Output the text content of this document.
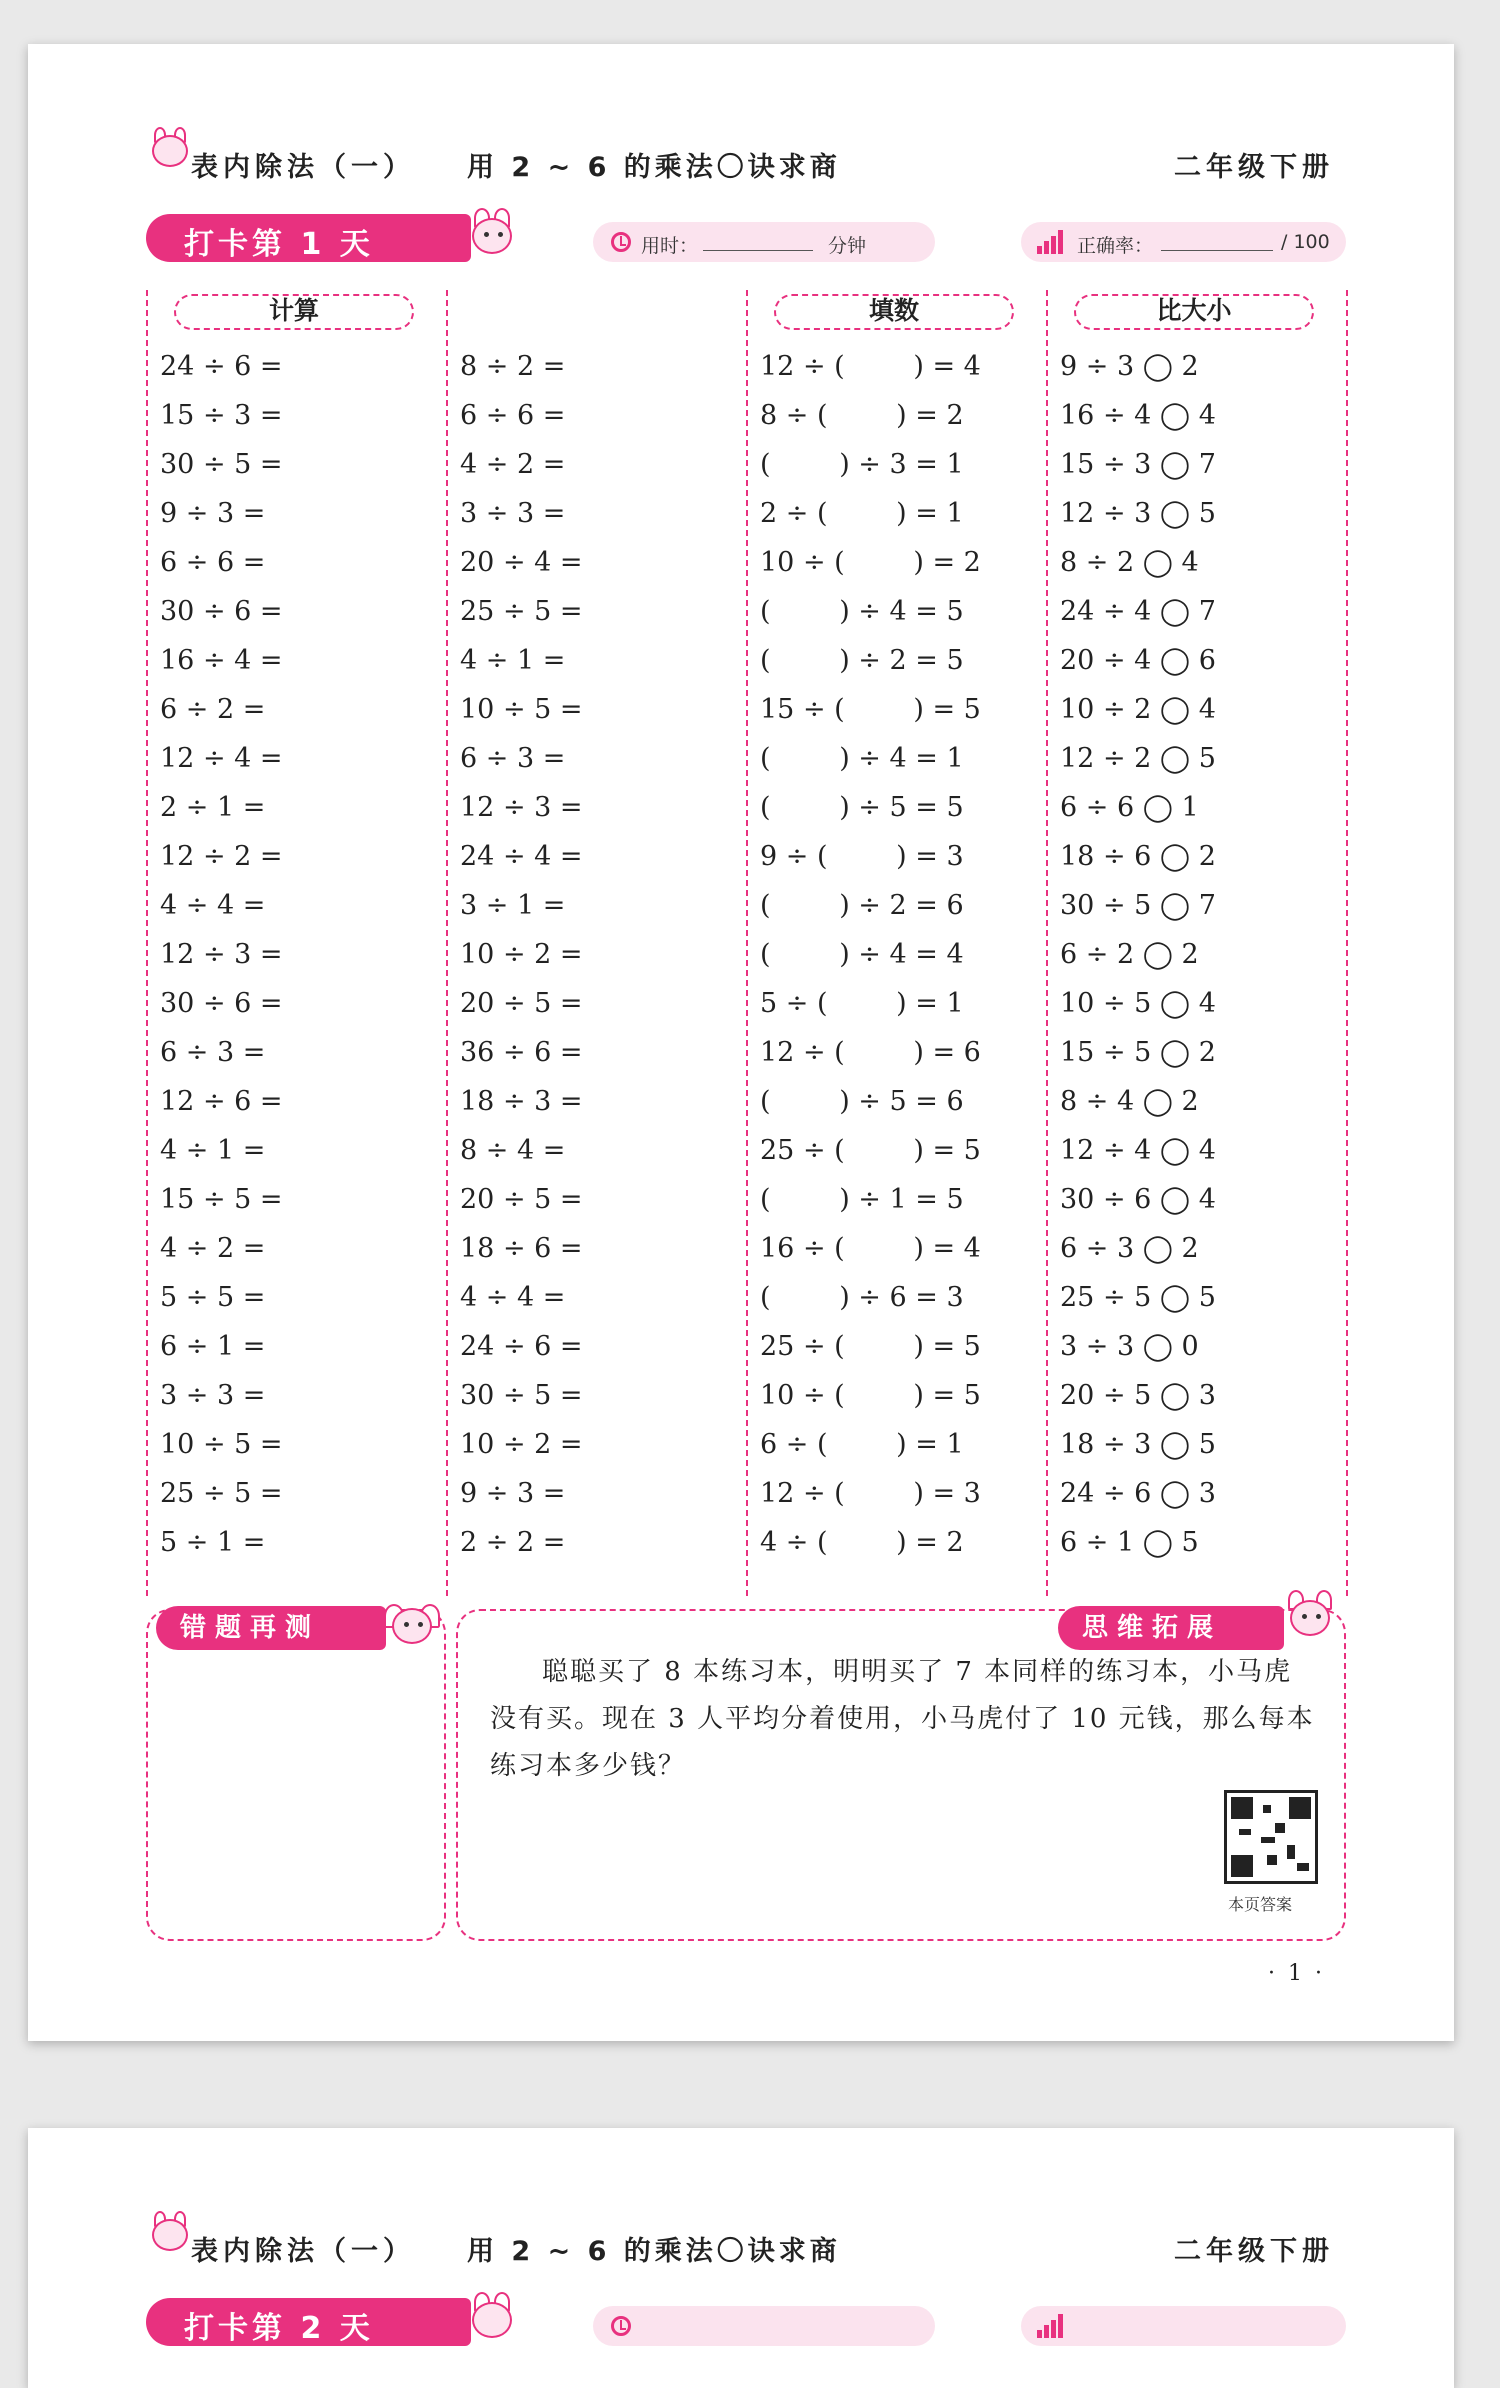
表内除法（一） 用 2 ~ 6 的乘法〇诀求商	二年级下册
打卡第 1 天	用时：	分钟	正确率：	/ 100
计算
24 ÷ 6 =
15 ÷ 3 =
30 ÷ 5 =
9 ÷ 3 =
6 ÷ 6 =
30 ÷ 6 =
16 ÷ 4 =
6 ÷ 2 =
12 ÷ 4 =
2 ÷ 1 =
12 ÷ 2 =
4 ÷ 4 =
12 ÷ 3 =
30 ÷ 6 =
6 ÷ 3 =
12 ÷ 6 =
4 ÷ 1 =
15 ÷ 5 =
4 ÷ 2 =
5 ÷ 5 =
6 ÷ 1 =
3 ÷ 3 =
10 ÷ 5 =
25 ÷ 5 =
5 ÷ 1 =
8 ÷ 2 =
6 ÷ 6 =
4 ÷ 2 =
3 ÷ 3 =
20 ÷ 4 =
25 ÷ 5 =
4 ÷ 1 =
10 ÷ 5 =
6 ÷ 3 =
12 ÷ 3 =
24 ÷ 4 =
3 ÷ 1 =
10 ÷ 2 =
20 ÷ 5 =
36 ÷ 6 =
18 ÷ 3 =
8 ÷ 4 =
20 ÷ 5 =
18 ÷ 6 =
4 ÷ 4 =
24 ÷ 6 =
30 ÷ 5 =
10 ÷ 2 =
9 ÷ 3 =
2 ÷ 2 =
填数
12 ÷ (        ) = 4
8 ÷ (        ) = 2
(        ) ÷ 3 = 1
2 ÷ (        ) = 1
10 ÷ (        ) = 2
(        ) ÷ 4 = 5
(        ) ÷ 2 = 5
15 ÷ (        ) = 5
(        ) ÷ 4 = 1
(        ) ÷ 5 = 5
9 ÷ (        ) = 3
(        ) ÷ 2 = 6
(        ) ÷ 4 = 4
5 ÷ (        ) = 1
12 ÷ (        ) = 6
(        ) ÷ 5 = 6
25 ÷ (        ) = 5
(        ) ÷ 1 = 5
16 ÷ (        ) = 4
(        ) ÷ 6 = 3
25 ÷ (        ) = 5
10 ÷ (        ) = 5
6 ÷ (        ) = 1
12 ÷ (        ) = 3
4 ÷ (        ) = 2
比大小
9 ÷ 3 ◯ 2
16 ÷ 4 ◯ 4
15 ÷ 3 ◯ 7
12 ÷ 3 ◯ 5
8 ÷ 2 ◯ 4
24 ÷ 4 ◯ 7
20 ÷ 4 ◯ 6
10 ÷ 2 ◯ 4
12 ÷ 2 ◯ 5
6 ÷ 6 ◯ 1
18 ÷ 6 ◯ 2
30 ÷ 5 ◯ 7
6 ÷ 2 ◯ 2
10 ÷ 5 ◯ 4
15 ÷ 5 ◯ 2
8 ÷ 4 ◯ 2
12 ÷ 4 ◯ 4
30 ÷ 6 ◯ 4
6 ÷ 3 ◯ 2
25 ÷ 5 ◯ 5
3 ÷ 3 ◯ 0
20 ÷ 5 ◯ 3
18 ÷ 3 ◯ 5
24 ÷ 6 ◯ 3
6 ÷ 1 ◯ 5
错题再测	思维拓展

聪聪买了 8 本练习本，明明买了 7 本同样的练习本，小马虎没有买。现在 3 人平均分着使用，小马虎付了 10 元钱，那么每本练习本多少钱？

本页答案
· 1 ·
表内除法（一） 用 2 ~ 6 的乘法〇诀求商	二年级下册
打卡第 2 天
